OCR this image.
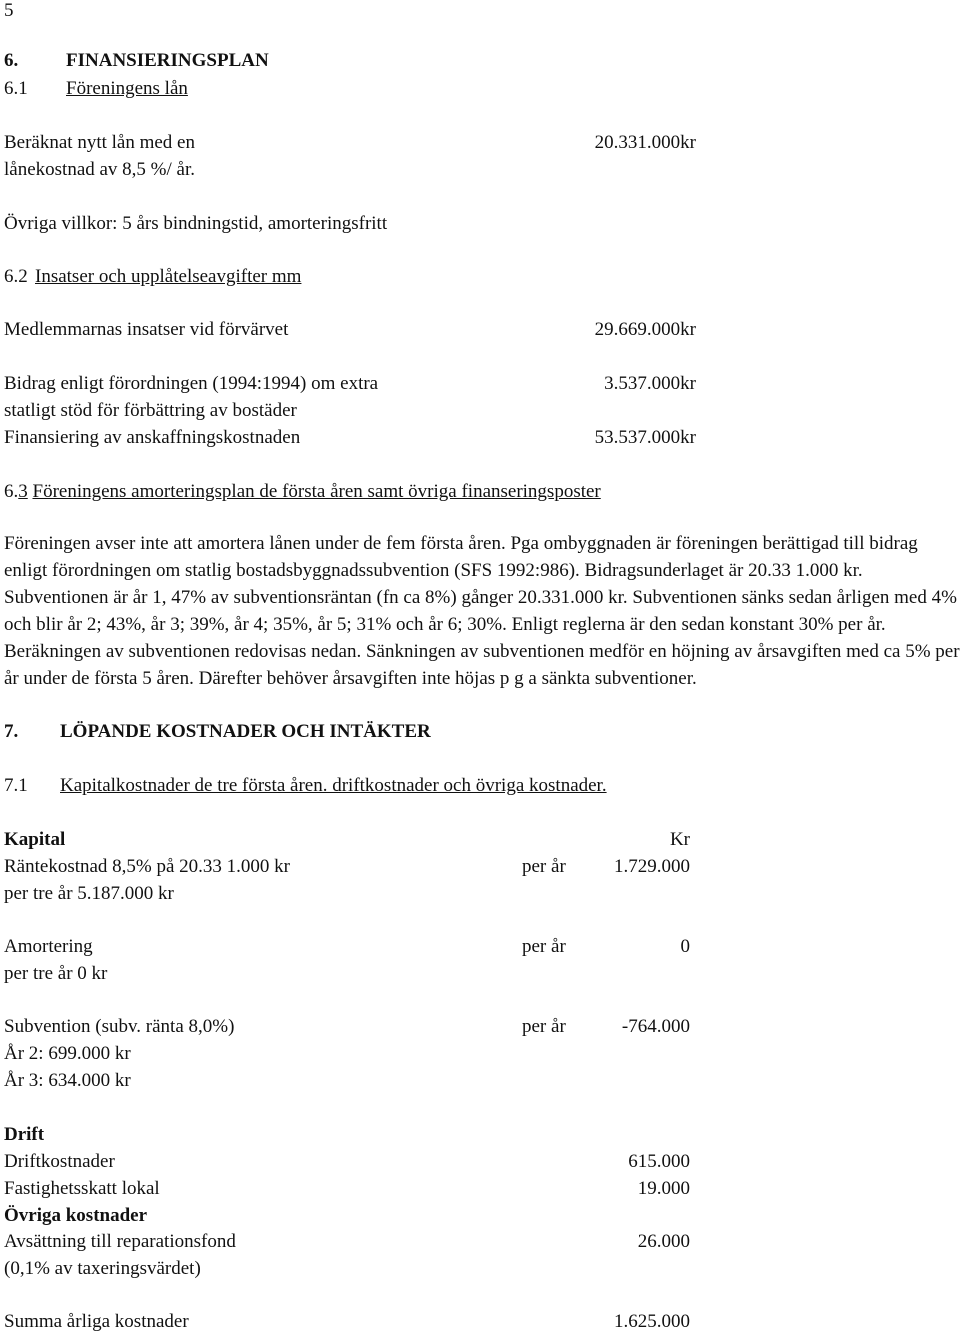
5
6.	FINANSIERINGSPLAN
6.1 Föreningens lån
Beräknat nytt lån med en
lånekostnad av 8,5 %/ år.
20.331.000kr
Övriga villkor: 5 års bindningstid, amorteringsfritt
6.2 Insatser och upplåtelseavgifter mm
Medlemmarnas insatser vid förvärvet	29.669.000kr
Bidrag enligt förordningen (1994:1994) om extra
statligt stöd för förbättring av bostäder
3.537.000kr
Finansiering av anskaffningskostnaden	53.537.000kr
6.3 Föreningens amorteringsplan de första åren samt övriga finanseringsposter
Föreningen avser inte att amortera lånen under de fem första åren. Pga ombyggnaden är föreningen berättigad till bidrag enligt förordningen om statlig bostadsbyggnadssubvention (SFS 1992:986). Bidragsunderlaget är 20.33 1.000 kr. Subventionen är år 1, 47% av subventionsräntan (fn ca 8%) gånger 20.331.000 kr. Subventionen sänks sedan årligen med 4% och blir år 2; 43%, år 3; 39%, år 4; 35%, år 5; 31% och år 6; 30%. Enligt reglerna är den sedan konstant 30% per år. Beräkningen av subventionen redovisas nedan. Sänkningen av subventionen medför en höjning av årsavgiften med ca 5% per år under de första 5 åren. Därefter behöver årsavgiften inte höjas p g a sänkta subventioner.
7. LÖPANDE KOSTNADER OCH INTÄKTER
7.1 Kapitalkostnader de tre första åren. driftkostnader och övriga kostnader.
Kapital	Kr
Räntekostnad 8,5% på 20.33 1.000 kr	per år	1.729.000
per tre år 5.187.000 kr
Amortering	per år	0
per tre år 0 kr
Subvention (subv. ränta 8,0%)	per år	-764.000
År 2: 699.000 kr
År 3: 634.000 kr
Drift
Driftkostnader	615.000
Fastighetsskatt lokal	19.000
Övriga kostnader
Avsättning till reparationsfond	26.000
(0,1% av taxeringsvärdet)
Summa årliga kostnader	1.625.000
